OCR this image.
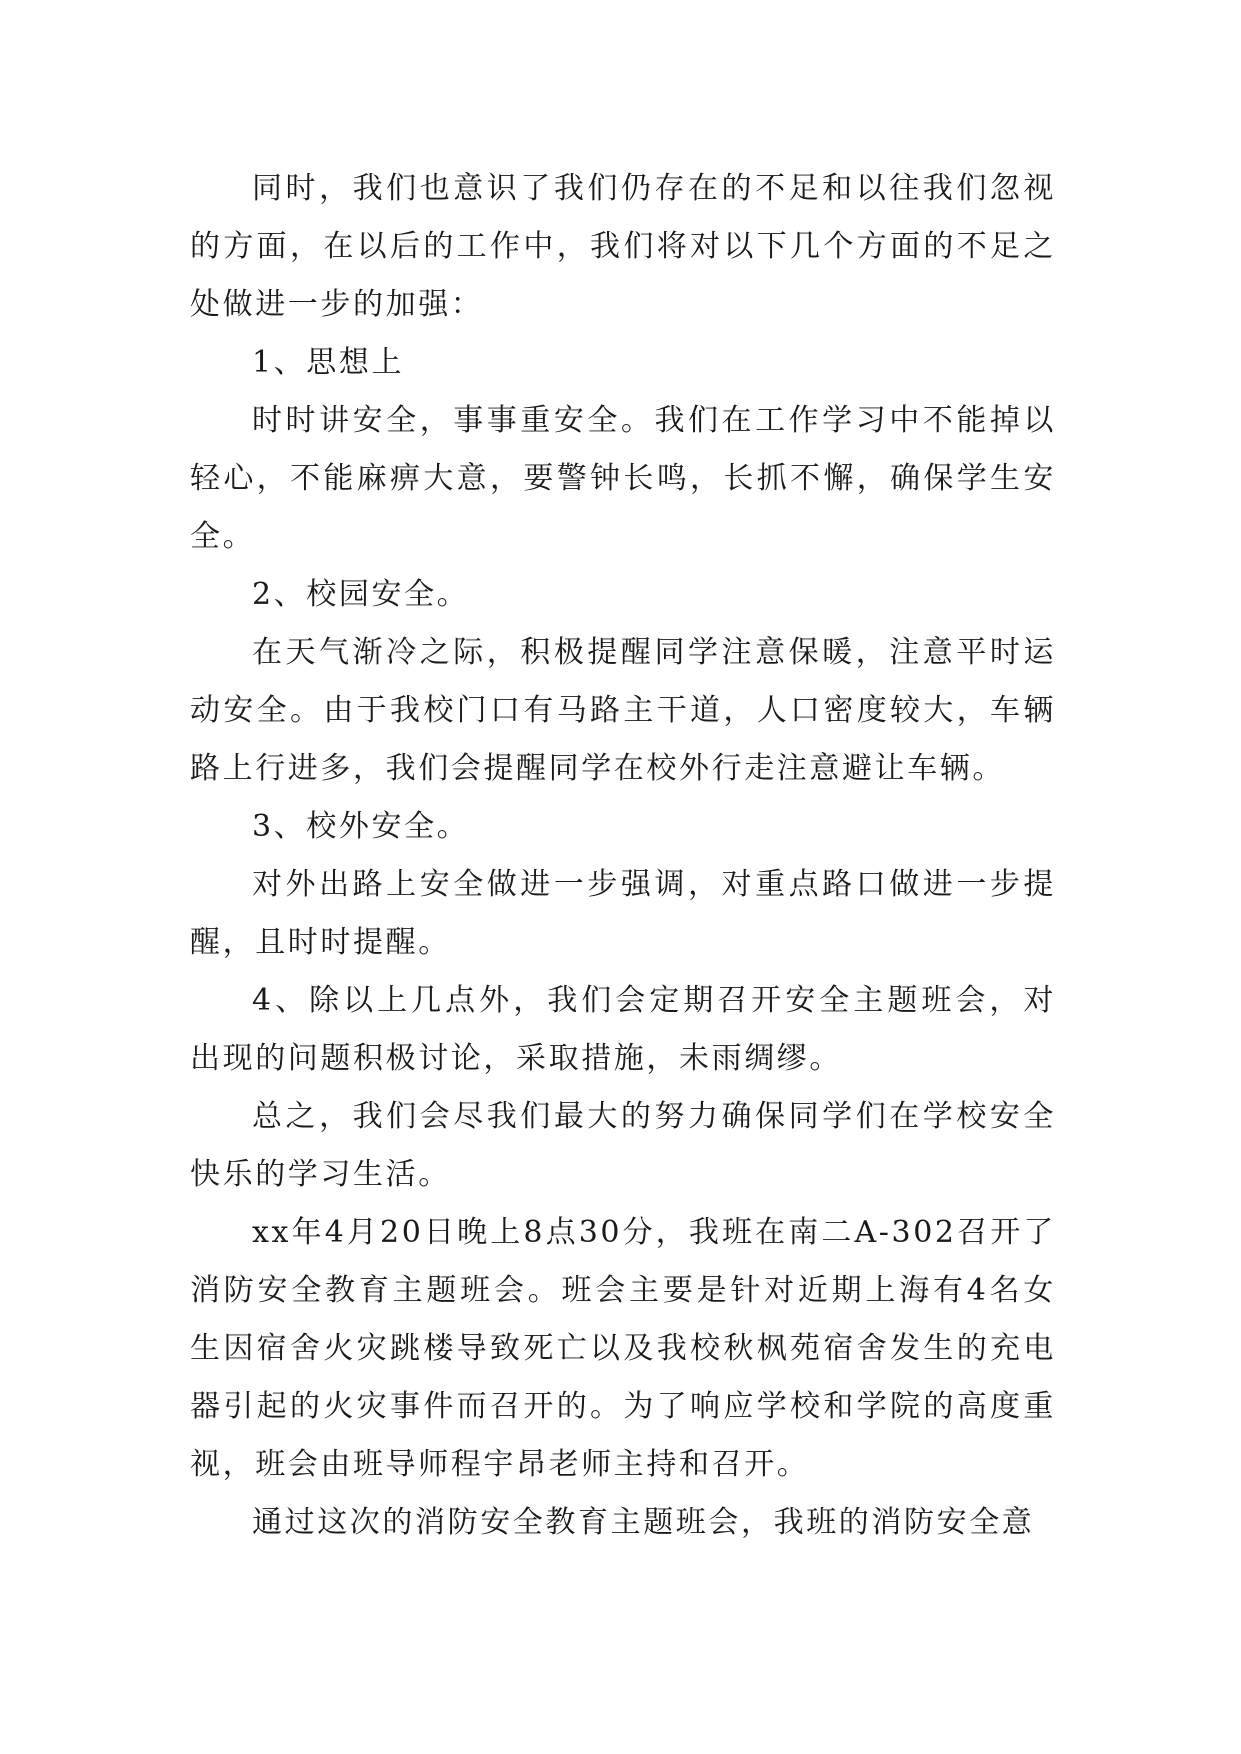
同时，我们也意识了我们仍存在的不足和以往我们忽视的方面，在以后的工作中，我们将对以下几个方面的不足之处做进一步的加强：

1、思想上

时时讲安全，事事重安全。我们在工作学习中不能掉以轻心，不能麻痹大意，要警钟长鸣，长抓不懈，确保学生安全。

2、校园安全。

在天气渐冷之际，积极提醒同学注意保暖，注意平时运动安全。由于我校门口有马路主干道，人口密度较大，车辆路上行进多，我们会提醒同学在校外行走注意避让车辆。

3、校外安全。

对外出路上安全做进一步强调，对重点路口做进一步提醒，且时时提醒。

4、除以上几点外，我们会定期召开安全主题班会，对出现的问题积极讨论，采取措施，未雨绸缪。

总之，我们会尽我们最大的努力确保同学们在学校安全快乐的学习生活。

xx年4月20日晚上8点30分，我班在南二A-302召开了消防安全教育主题班会。班会主要是针对近期上海有4名女生因宿舍火灾跳楼导致死亡以及我校秋枫苑宿舍发生的充电器引起的火灾事件而召开的。为了响应学校和学院的高度重视，班会由班导师程宇昂老师主持和召开。

通过这次的消防安全教育主题班会，我班的消防安全意
